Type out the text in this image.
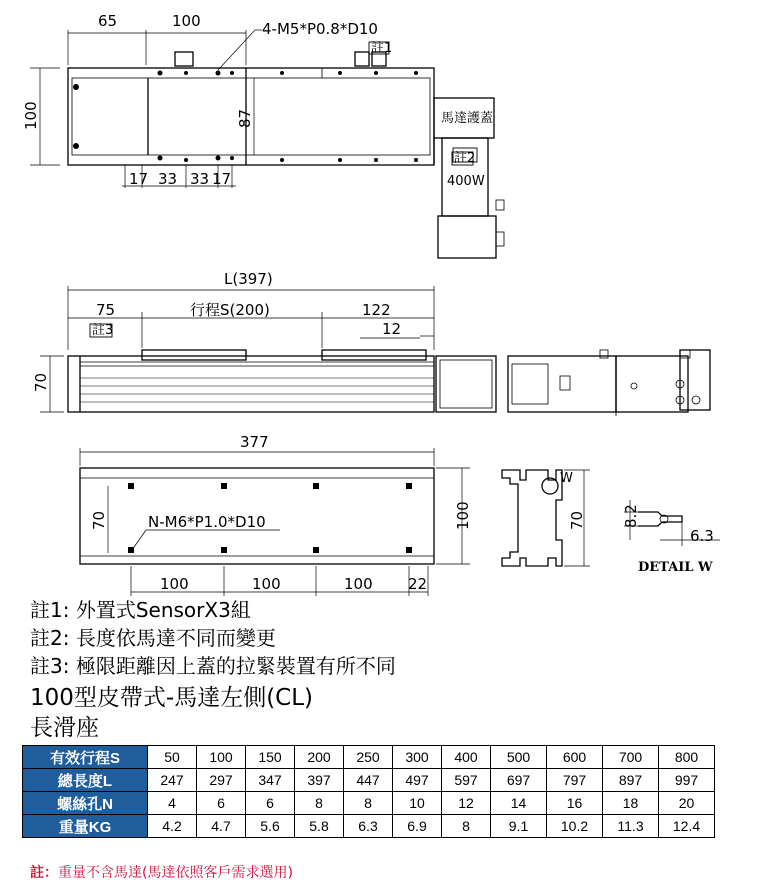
65	100	4-M5*P0.8*D10
註1
100	87
17 33 33 17
馬達護蓋
註2
400W
L(397)
75	行程S(200)	122
12
註3
70
377
70	N-M6*P1.0*D10
100	100	100 22
100
W
70 8.2
6.3
DETAIL W
註1: 外置式SensorX3組
註2: 長度依馬達不同而變更
註3: 極限距離因上蓋的拉緊裝置有所不同
100型皮帶式-馬達左側(CL)
長滑座
有效行程S	50	100	150	200	250	300	400	500	600	700	800
總長度L	247	297	347	397	447	497	597	697	797	897	997
螺絲孔N	4	6	6	8	8	10	12	14	16	18	20
重量KG	4.2	4.7	5.6	5.8	6.3	6.9	8	9.1	10.2	11.3	12.4
註：重量不含馬達(馬達依照客戶需求選用)
